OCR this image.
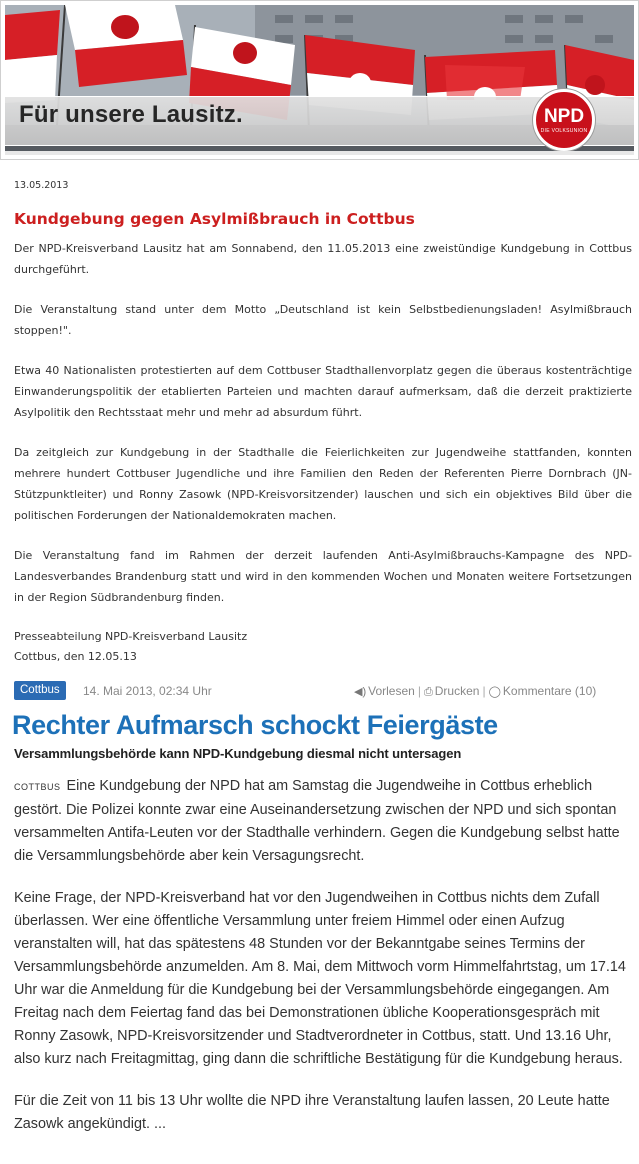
Für unsere Lausitz.	NPD
DIE VOLKSUNION
13.05.2013
Kundgebung gegen Asylmißbrauch in Cottbus

Der NPD-Kreisverband Lausitz hat am Sonnabend, den 11.05.2013 eine zweistündige Kundgebung in Cottbus durchgeführt.

Die Veranstaltung stand unter dem Motto „Deutschland ist kein Selbstbedienungsladen! Asylmißbrauch stoppen!".

Etwa 40 Nationalisten protestierten auf dem Cottbuser Stadthallenvorplatz gegen die überaus kostenträchtige Einwanderungspolitik der etablierten Parteien und machten darauf aufmerksam, daß die derzeit praktizierte Asylpolitik den Rechtsstaat mehr und mehr ad absurdum führt.

Da zeitgleich zur Kundgebung in der Stadthalle die Feierlichkeiten zur Jugendweihe stattfanden, konnten mehrere hundert Cottbuser Jugendliche und ihre Familien den Reden der Referenten Pierre Dornbrach (JN-Stützpunktleiter) und Ronny Zasowk (NPD-Kreisvorsitzender) lauschen und sich ein objektives Bild über die politischen Forderungen der Nationaldemokraten machen.

Die Veranstaltung fand im Rahmen der derzeit laufenden Anti-Asylmißbrauchs-Kampagne des NPD-Landesverbandes Brandenburg statt und wird in den kommenden Wochen und Monaten weitere Fortsetzungen in der Region Südbrandenburg finden.

Presseabteilung NPD-Kreisverband Lausitz
Cottbus, den 12.05.13
Cottbus	14. Mai 2013, 02:34 Uhr	◀) Vorlesen | ⎙ Drucken | ◯ Kommentare (10)
Rechter Aufmarsch schockt Feiergäste
Versammlungsbehörde kann NPD-Kundgebung diesmal nicht untersagen

COTTBUS Eine Kundgebung der NPD hat am Samstag die Jugendweihe in Cottbus erheblich gestört. Die Polizei konnte zwar eine Auseinandersetzung zwischen der NPD und sich spontan versammelten Antifa-Leuten vor der Stadthalle verhindern. Gegen die Kundgebung selbst hatte die Versammlungsbehörde aber kein Versagungsrecht.

Keine Frage, der NPD-Kreisverband hat vor den Jugendweihen in Cottbus nichts dem Zufall überlassen. Wer eine öffentliche Versammlung unter freiem Himmel oder einen Aufzug veranstalten will, hat das spätestens 48 Stunden vor der Bekanntgabe seines Termins der Versammlungsbehörde anzumelden. Am 8. Mai, dem Mittwoch vorm Himmelfahrtstag, um 17.14 Uhr war die Anmeldung für die Kundgebung bei der Versammlungsbehörde eingegangen. Am Freitag nach dem Feiertag fand das bei Demonstrationen übliche Kooperationsgespräch mit Ronny Zasowk, NPD-Kreisvorsitzender und Stadtverordneter in Cottbus, statt. Und 13.16 Uhr, also kurz nach Freitagmittag, ging dann die schriftliche Bestätigung für die Kundgebung heraus.

Für die Zeit von 11 bis 13 Uhr wollte die NPD ihre Veranstaltung laufen lassen, 20 Leute hatte Zasowk angekündigt. ...
